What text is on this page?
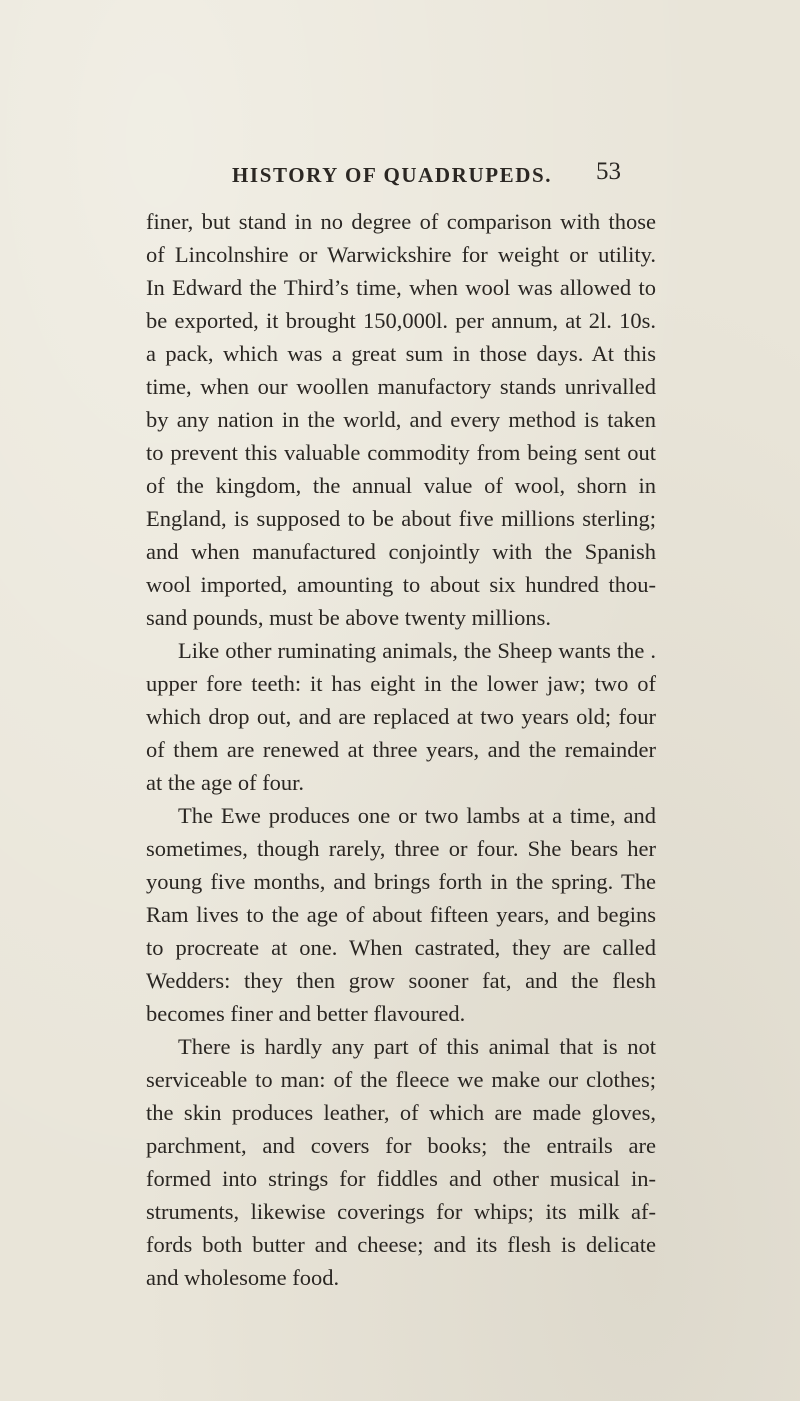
HISTORY OF QUADRUPEDS. 53
finer, but stand in no degree of comparison with those
of Lincolnshire or Warwickshire for weight or utility.
In Edward the Third’s time, when wool was allowed to
be exported, it brought 150,000l. per annum, at 2l. 10s.
a pack, which was a great sum in those days. At this
time, when our woollen manufactory stands unrivalled
by any nation in the world, and every method is taken
to prevent this valuable commodity from being sent out
of the kingdom, the annual value of wool, shorn in
England, is supposed to be about five millions sterling;
and when manufactured conjointly with the Spanish
wool imported, amounting to about six hundred thou-
sand pounds, must be above twenty millions.
Like other ruminating animals, the Sheep wants the .
upper fore teeth: it has eight in the lower jaw; two of
which drop out, and are replaced at two years old; four
of them are renewed at three years, and the remainder
at the age of four.
The Ewe produces one or two lambs at a time, and
sometimes, though rarely, three or four. She bears her
young five months, and brings forth in the spring. The
Ram lives to the age of about fifteen years, and begins
to procreate at one. When castrated, they are called
Wedders: they then grow sooner fat, and the flesh
becomes finer and better flavoured.
There is hardly any part of this animal that is not
serviceable to man: of the fleece we make our clothes;
the skin produces leather, of which are made gloves,
parchment, and covers for books; the entrails are
formed into strings for fiddles and other musical in-
struments, likewise coverings for whips; its milk af-
fords both butter and cheese; and its flesh is delicate
and wholesome food.
